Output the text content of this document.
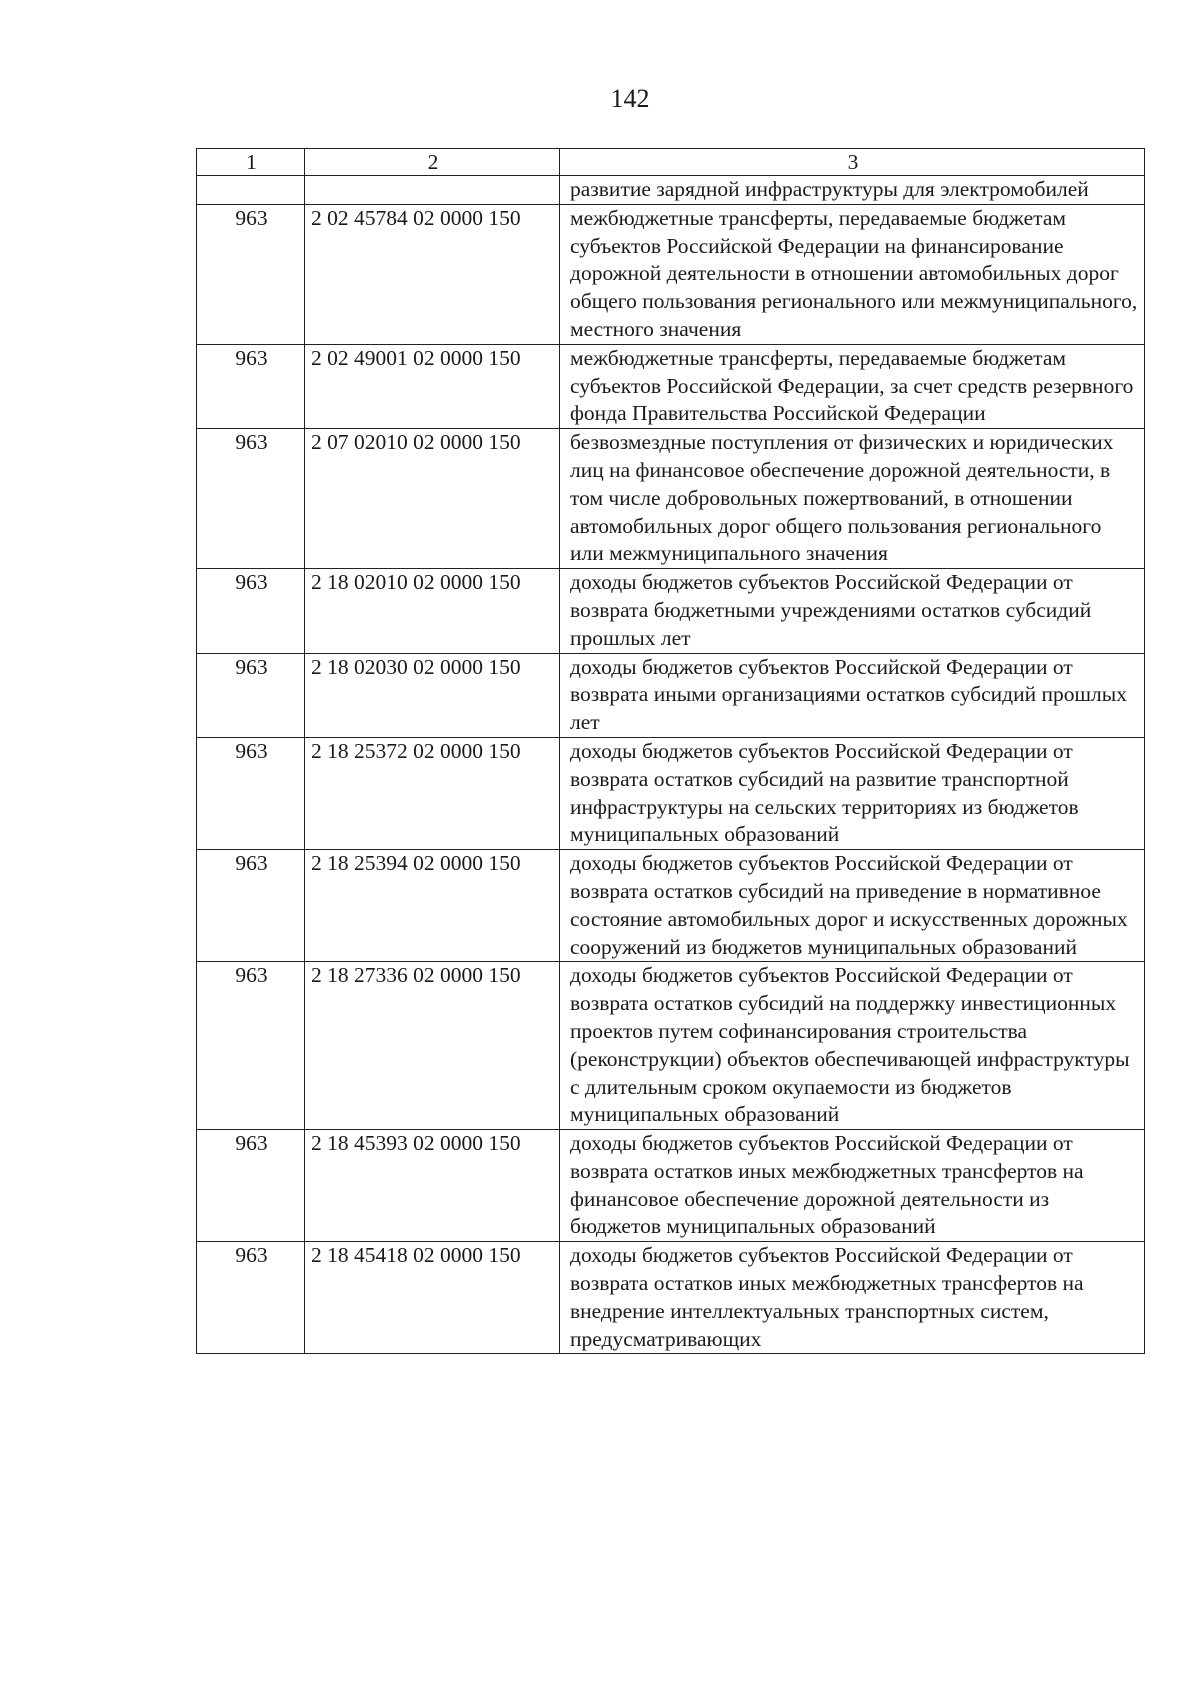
142
1	2	3
		развитие зарядной инфраструктуры для электромобилей
963	2 02 45784 02 0000 150	межбюджетные трансферты, передаваемые бюджетам субъектов Российской Федерации на финансирование дорожной деятельности в отношении автомобильных дорог общего пользования регионального или межмуниципального, местного значения
963	2 02 49001 02 0000 150	межбюджетные трансферты, передаваемые бюджетам субъектов Российской Федерации, за счет средств резервного фонда Правительства Российской Федерации
963	2 07 02010 02 0000 150	безвозмездные поступления от физических и юридических лиц на финансовое обеспечение дорожной деятельности, в том числе добровольных пожертвований, в отношении автомобильных дорог общего пользования регионального или межмуниципального значения
963	2 18 02010 02 0000 150	доходы бюджетов субъектов Российской Федерации от возврата бюджетными учреждениями остатков субсидий прошлых лет
963	2 18 02030 02 0000 150	доходы бюджетов субъектов Российской Федерации от возврата иными организациями остатков субсидий прошлых лет
963	2 18 25372 02 0000 150	доходы бюджетов субъектов Российской Федерации от возврата остатков субсидий на развитие транспортной инфраструктуры на сельских территориях из бюджетов муниципальных образований
963	2 18 25394 02 0000 150	доходы бюджетов субъектов Российской Федерации от возврата остатков субсидий на приведение в нормативное состояние автомобильных дорог и искусственных дорожных сооружений из бюджетов муниципальных образований
963	2 18 27336 02 0000 150	доходы бюджетов субъектов Российской Федерации от возврата остатков субсидий на поддержку инвестиционных проектов путем софинансирования строительства (реконструкции) объектов обеспечивающей инфраструктуры с длительным сроком окупаемости из бюджетов муниципальных образований
963	2 18 45393 02 0000 150	доходы бюджетов субъектов Российской Федерации от возврата остатков иных межбюджетных трансфертов на финансовое обеспечение дорожной деятельности из бюджетов муниципальных образований
963	2 18 45418 02 0000 150	доходы бюджетов субъектов Российской Федерации от возврата остатков иных межбюджетных трансфертов на внедрение интеллектуальных транспортных систем, предусматривающих
